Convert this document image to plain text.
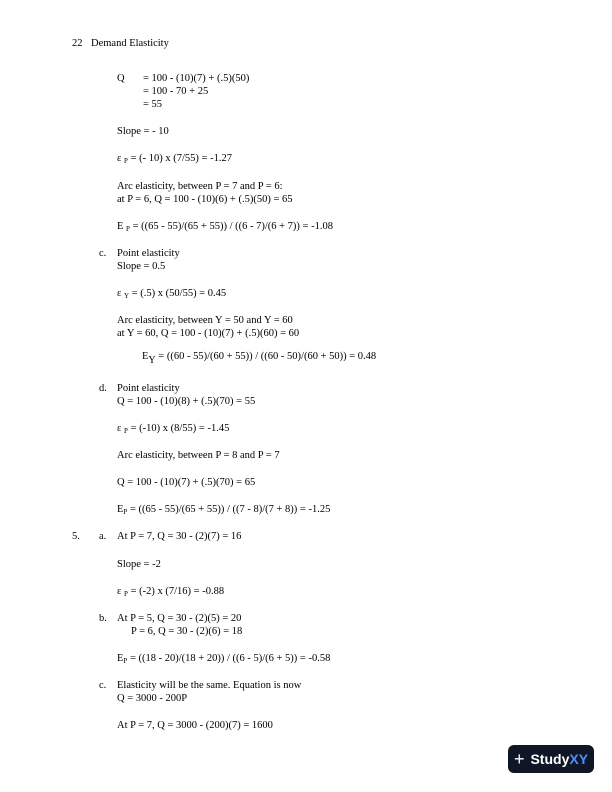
22 Demand Elasticity
Q = 100 - (10)(7) + (.5)(50)
= 100 - 70 + 25
= 55
Slope = - 10
ε P = (- 10) x (7/55) = -1.27
Arc elasticity, between P = 7 and P = 6:
at P = 6, Q = 100 - (10)(6) + (.5)(50) = 65
E P = ((65 - 55)/(65 + 55)) / ((6 - 7)/(6 + 7)) = -1.08
c. Point elasticity
Slope = 0.5
ε Y = (.5) x (50/55) = 0.45
Arc elasticity, between Y = 50 and Y = 60
at Y = 60, Q = 100 - (10)(7) + (.5)(60) = 60
EY = ((60 - 55)/(60 + 55)) / ((60 - 50)/(60 + 50)) = 0.48
d. Point elasticity
Q = 100 - (10)(8) + (.5)(70) = 55
ε P = (-10) x (8/55) = -1.45
Arc elasticity, between P = 8 and P = 7
Q = 100 - (10)(7) + (.5)(70) = 65
EP = ((65 - 55)/(65 + 55)) / ((7 - 8)/(7 + 8)) = -1.25
5. a. At P = 7, Q = 30 - (2)(7) = 16
Slope = -2
ε P = (-2) x (7/16) = -0.88
b. At P = 5, Q = 30 - (2)(5) = 20
P = 6, Q = 30 - (2)(6) = 18
EP = ((18 - 20)/(18 + 20)) / ((6 - 5)/(6 + 5)) = -0.58
c. Elasticity will be the same. Equation is now
Q = 3000 - 200P
At P = 7, Q = 3000 - (200)(7) = 1600
+ StudyXY
